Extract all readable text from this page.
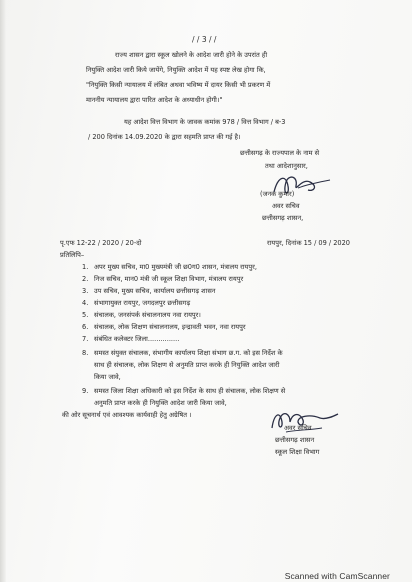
/ / 3 / /
राज्य शासन द्वारा स्कूल खोलने के आदेश जारी होने के उपरांत ही
नियुक्ति आदेश जारी किये जायेंगे, नियुक्ति आदेश में यह स्पष्ट लेख होगा कि,
"नियुक्ति किसी न्यायालय में लंबित अथवा भविष्य में दायर किसी भी प्रकरण में
माननीय न्यायालय द्वारा पारित आदेश के अध्याधीन होगी।"
यह आदेश वित्त विभाग के जावक कमांक 978 / वित्त विभाग / ब-3
/ 200 दिनांक 14.09.2020 के द्वारा सहमति प्राप्त की गई है।
छत्तीसगढ़ के राज्यपाल के नाम से
तथा आदेशानुसार,
(जनक कुमार)
अवर सचिव
छत्तीसगढ़ शासन,
पृ.एफ 12-22 / 2020 / 20-दो	रायपुर, दिनांक 15 / 09 / 2020
प्रतिलिपि–
1. अपर मुख्य सचिव, मा0 मुख्यमंत्री जी छ0ग0 शासन, मंत्रालय रायपुर,
2. निज सचिव, मान0 मंत्री जी स्कूल शिक्षा विभाग, मंत्रालय रायपुर
3. उप सचिव, मुख्य सचिव, कार्यालय छत्तीसगढ़ शासन
4. संभागायुक्त रायपुर, जगदलपुर छत्तीसगढ़
5. संचालक, जनसंपर्क संचालनालय नवा रायपुर।
6. संचालक, लोक शिक्षण संचालनालय, इन्द्रावती भवन, नवा रायपुर
7. संबंधित कलेक्टर जिला...............
8. समस्त संयुक्त संचालक, संभागीय कार्यालय शिक्षा संभाग छ.ग. को इस निर्देश के
साथ ही संचालक, लोक शिक्षण से अनुमति प्राप्त करके ही नियुक्ति आदेश जारी
किया जावे,
9. समस्त जिला शिक्षा अधिकारी को इस निर्देश के साथ ही संचालक, लोक शिक्षण से
अनुमति प्राप्त करके ही नियुक्ति आदेश जारी किया जावे,
की ओर सूचनार्थ एवं आवश्यक कार्यवाही हेतु अग्रेषित ।
अवर सचिव
छत्तीसगढ़ शासन
स्कूल शिक्षा विभाग
Scanned with CamScanner
